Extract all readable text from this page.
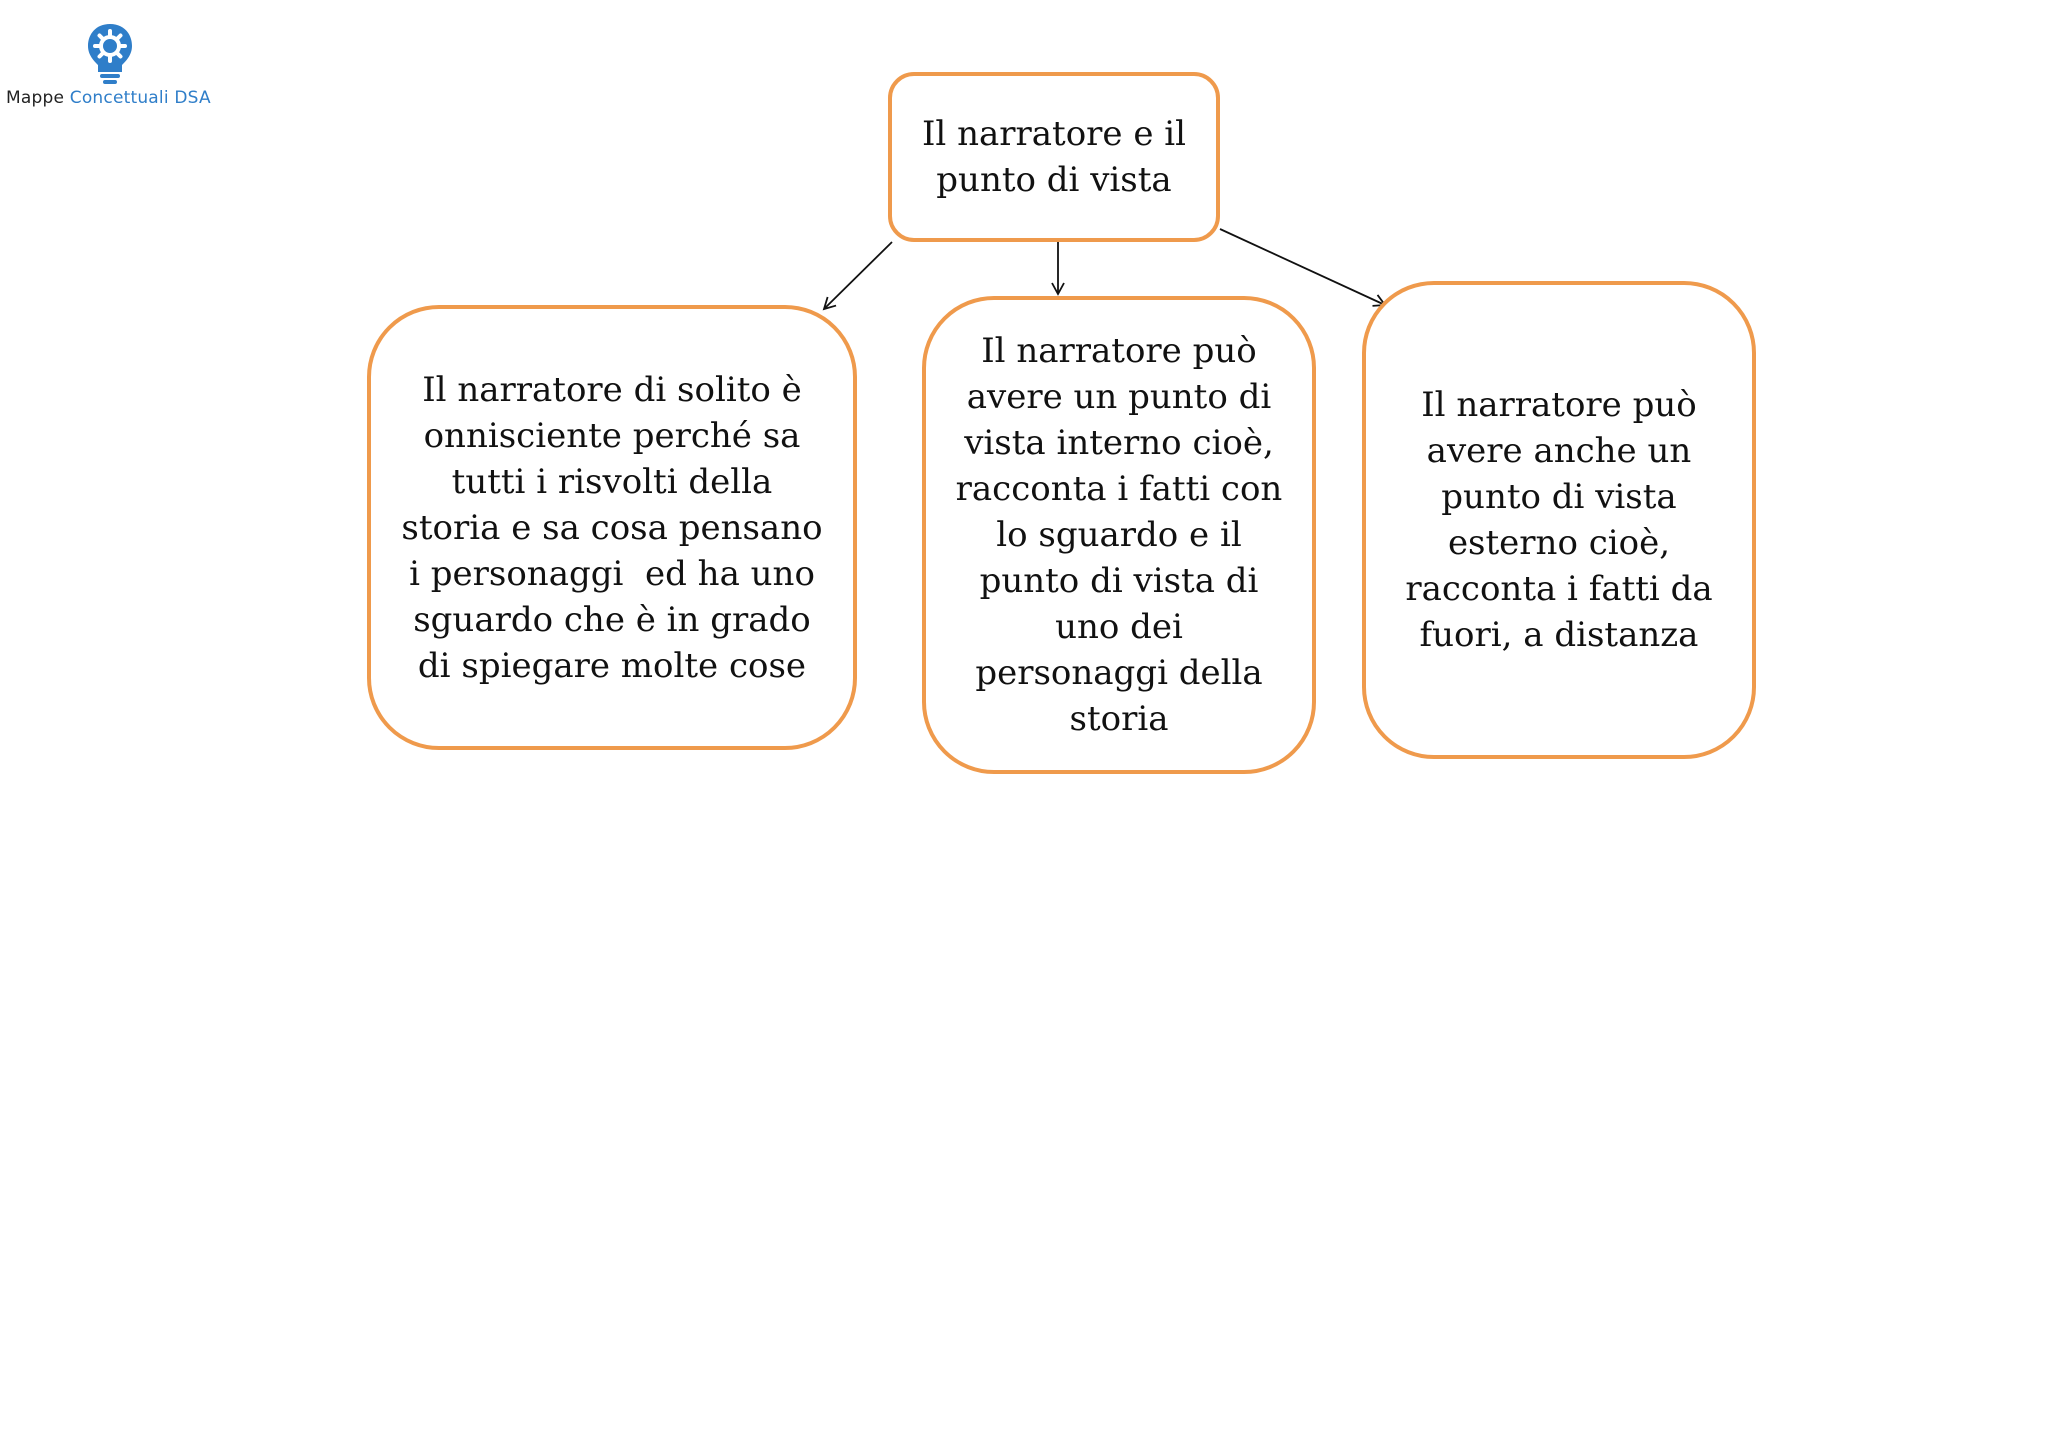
Mappe Concettuali DSA
Il narratore e il
punto di vista
Il narratore di solito è
onnisciente perché sa
tutti i risvolti della
storia e sa cosa pensano
i personaggi  ed ha uno
sguardo che è in grado
di spiegare molte cose
Il narratore può
avere un punto di
vista interno cioè,
racconta i fatti con
lo sguardo e il
punto di vista di
uno dei
personaggi della
storia
Il narratore può
avere anche un
punto di vista
esterno cioè,
racconta i fatti da
fuori, a distanza
